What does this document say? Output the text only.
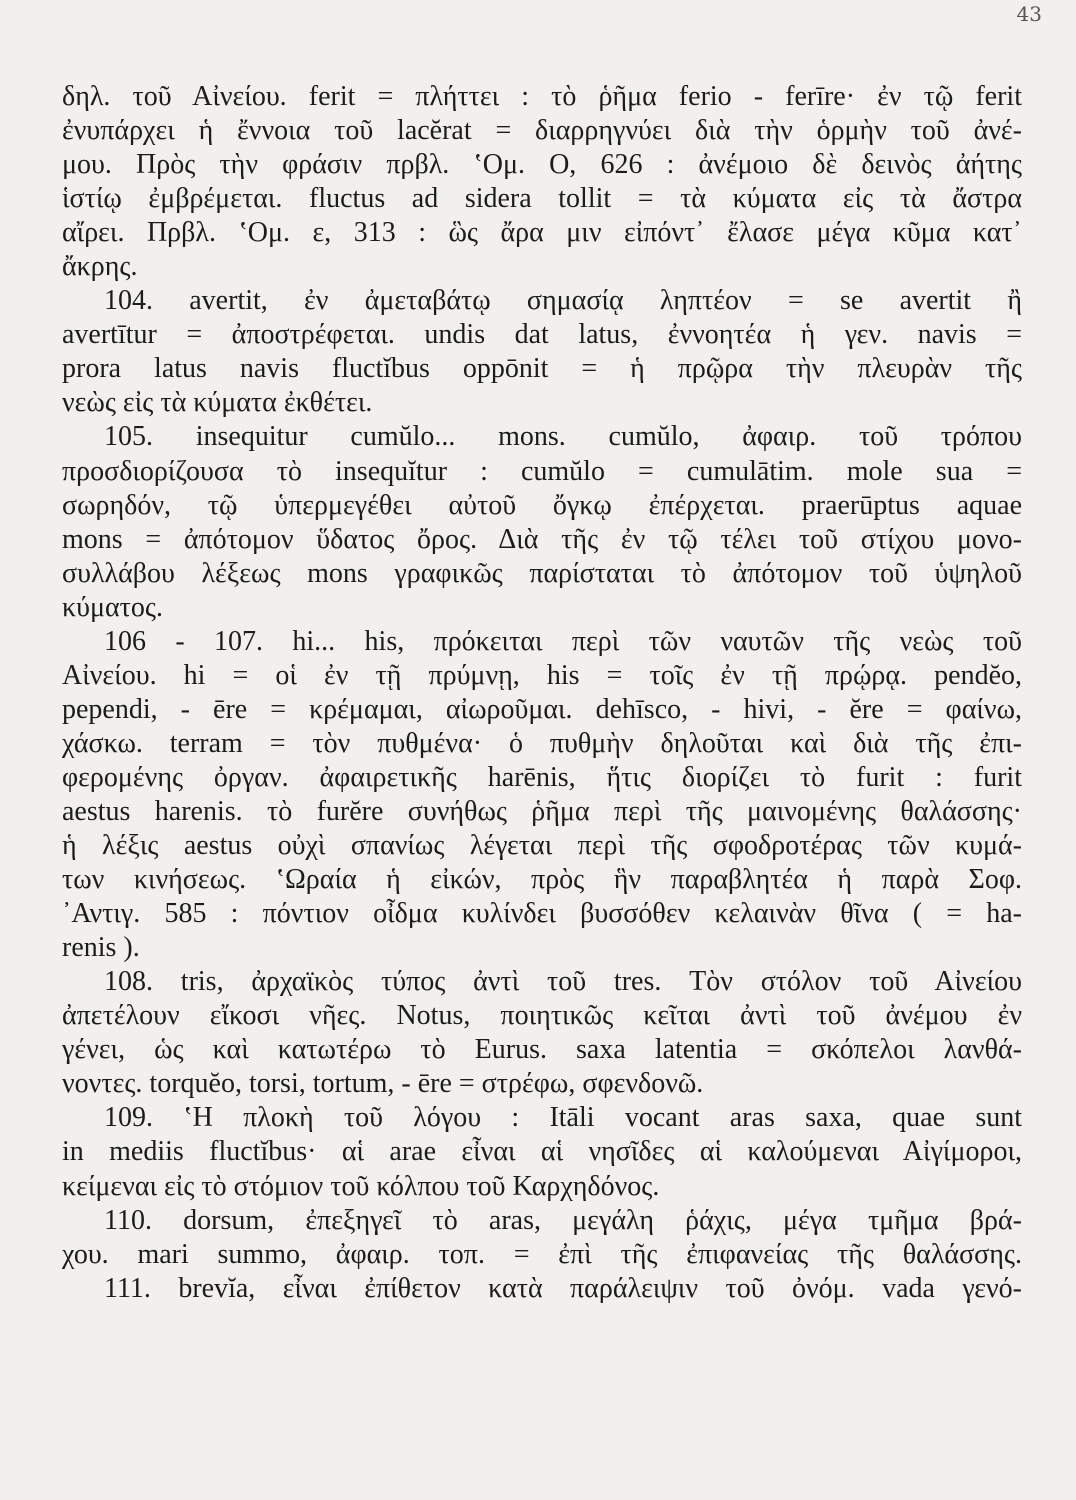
43
δηλ. τοῦ Αἰνείου. ferit = πλήττει : τὸ ῥῆμα ferio - ferīre· ἐν τῷ ferit
ἐνυπάρχει ἡ ἔννοια τοῦ lacĕrat = διαρρηγνύει διὰ τὴν ὁρμὴν τοῦ ἀνέ-
μου. Πρὸς τὴν φράσιν πρβλ. ʽΟμ. Ο, 626 : ἀνέμοιο δὲ δεινὸς ἀήτης
ἱστίῳ ἐμβρέμεται. fluctus ad sidera tollit = τὰ κύματα εἰς τὰ ἄστρα
αἴρει. Πρβλ. ʽΟμ. ε, 313 : ὣς ἄρα μιν εἰπόντ᾽ ἔλασε μέγα κῦμα κατ᾽
ἄκρης.
104. avertit, ἐν ἀμεταβάτῳ σημασίᾳ ληπτέον = se avertit ἢ
avertītur = ἀποστρέφεται. undis dat latus, ἐννοητέα ἡ γεν. navis =
prora latus navis fluctĭbus oppōnit = ἡ πρῷρα τὴν πλευρὰν τῆς
νεὼς εἰς τὰ κύματα ἐκθέτει.
105. insequitur cumŭlo... mons. cumŭlo, ἀφαιρ. τοῦ τρόπου
προσδιορίζουσα τὸ insequĭtur : cumŭlo = cumulātim. mole sua =
σωρηδόν, τῷ ὑπερμεγέθει αὐτοῦ ὄγκῳ ἐπέρχεται. praerūptus aquae
mons = ἀπότομον ὕδατος ὄρος. Διὰ τῆς ἐν τῷ τέλει τοῦ στίχου μονο-
συλλάβου λέξεως mons γραφικῶς παρίσταται τὸ ἀπότομον τοῦ ὑψηλοῦ
κύματος.
106 - 107. hi... his, πρόκειται περὶ τῶν ναυτῶν τῆς νεὼς τοῦ
Αἰνείου. hi = οἱ ἐν τῇ πρύμνῃ, his = τοῖς ἐν τῇ πρῴρᾳ. pendĕo,
pependi, - ēre = κρέμαμαι, αἰωροῦμαι. dehīsco, - hivi, - ĕre = φαίνω,
χάσκω. terram = τὸν πυθμένα· ὁ πυθμὴν δηλοῦται καὶ διὰ τῆς ἐπι-
φερομένης ὀργαν. ἀφαιρετικῆς harēnis, ἥτις διορίζει τὸ furit : furit
aestus harenis. τὸ furĕre συνήθως ῥῆμα περὶ τῆς μαινομένης θαλάσσης·
ἡ λέξις aestus οὐχὶ σπανίως λέγεται περὶ τῆς σφοδροτέρας τῶν κυμά-
των κινήσεως. ʽΩραία ἡ εἰκών, πρὸς ἣν παραβλητέα ἡ παρὰ Σοφ.
᾽Αντιγ. 585 : πόντιον οἶδμα κυλίνδει βυσσόθεν κελαινὰν θῖνα ( = ha-
renis ).
108. tris, ἀρχαϊκὸς τύπος ἀντὶ τοῦ tres. Τὸν στόλον τοῦ Αἰνείου
ἀπετέλουν εἴκοσι νῆες. Notus, ποιητικῶς κεῖται ἀντὶ τοῦ ἀνέμου ἐν
γένει, ὡς καὶ κατωτέρω τὸ Eurus. saxa latentia = σκόπελοι λανθά-
νοντες. torquĕo, torsi, tortum, - ēre = στρέφω, σφενδονῶ.
109. ʽΗ πλοκὴ τοῦ λόγου : Itāli vocant aras saxa, quae sunt
in mediis fluctĭbus· αἱ arae εἶναι αἱ νησῖδες αἱ καλούμεναι Αἰγίμοροι,
κείμεναι εἰς τὸ στόμιον τοῦ κόλπου τοῦ Καρχηδόνος.
110. dorsum, ἐπεξηγεῖ τὸ aras, μεγάλη ῥάχις, μέγα τμῆμα βρά-
χου. mari summo, ἀφαιρ. τοπ. = ἐπὶ τῆς ἐπιφανείας τῆς θαλάσσης.
111. brevĭa, εἶναι ἐπίθετον κατὰ παράλειψιν τοῦ ὀνόμ. vada γενό-
